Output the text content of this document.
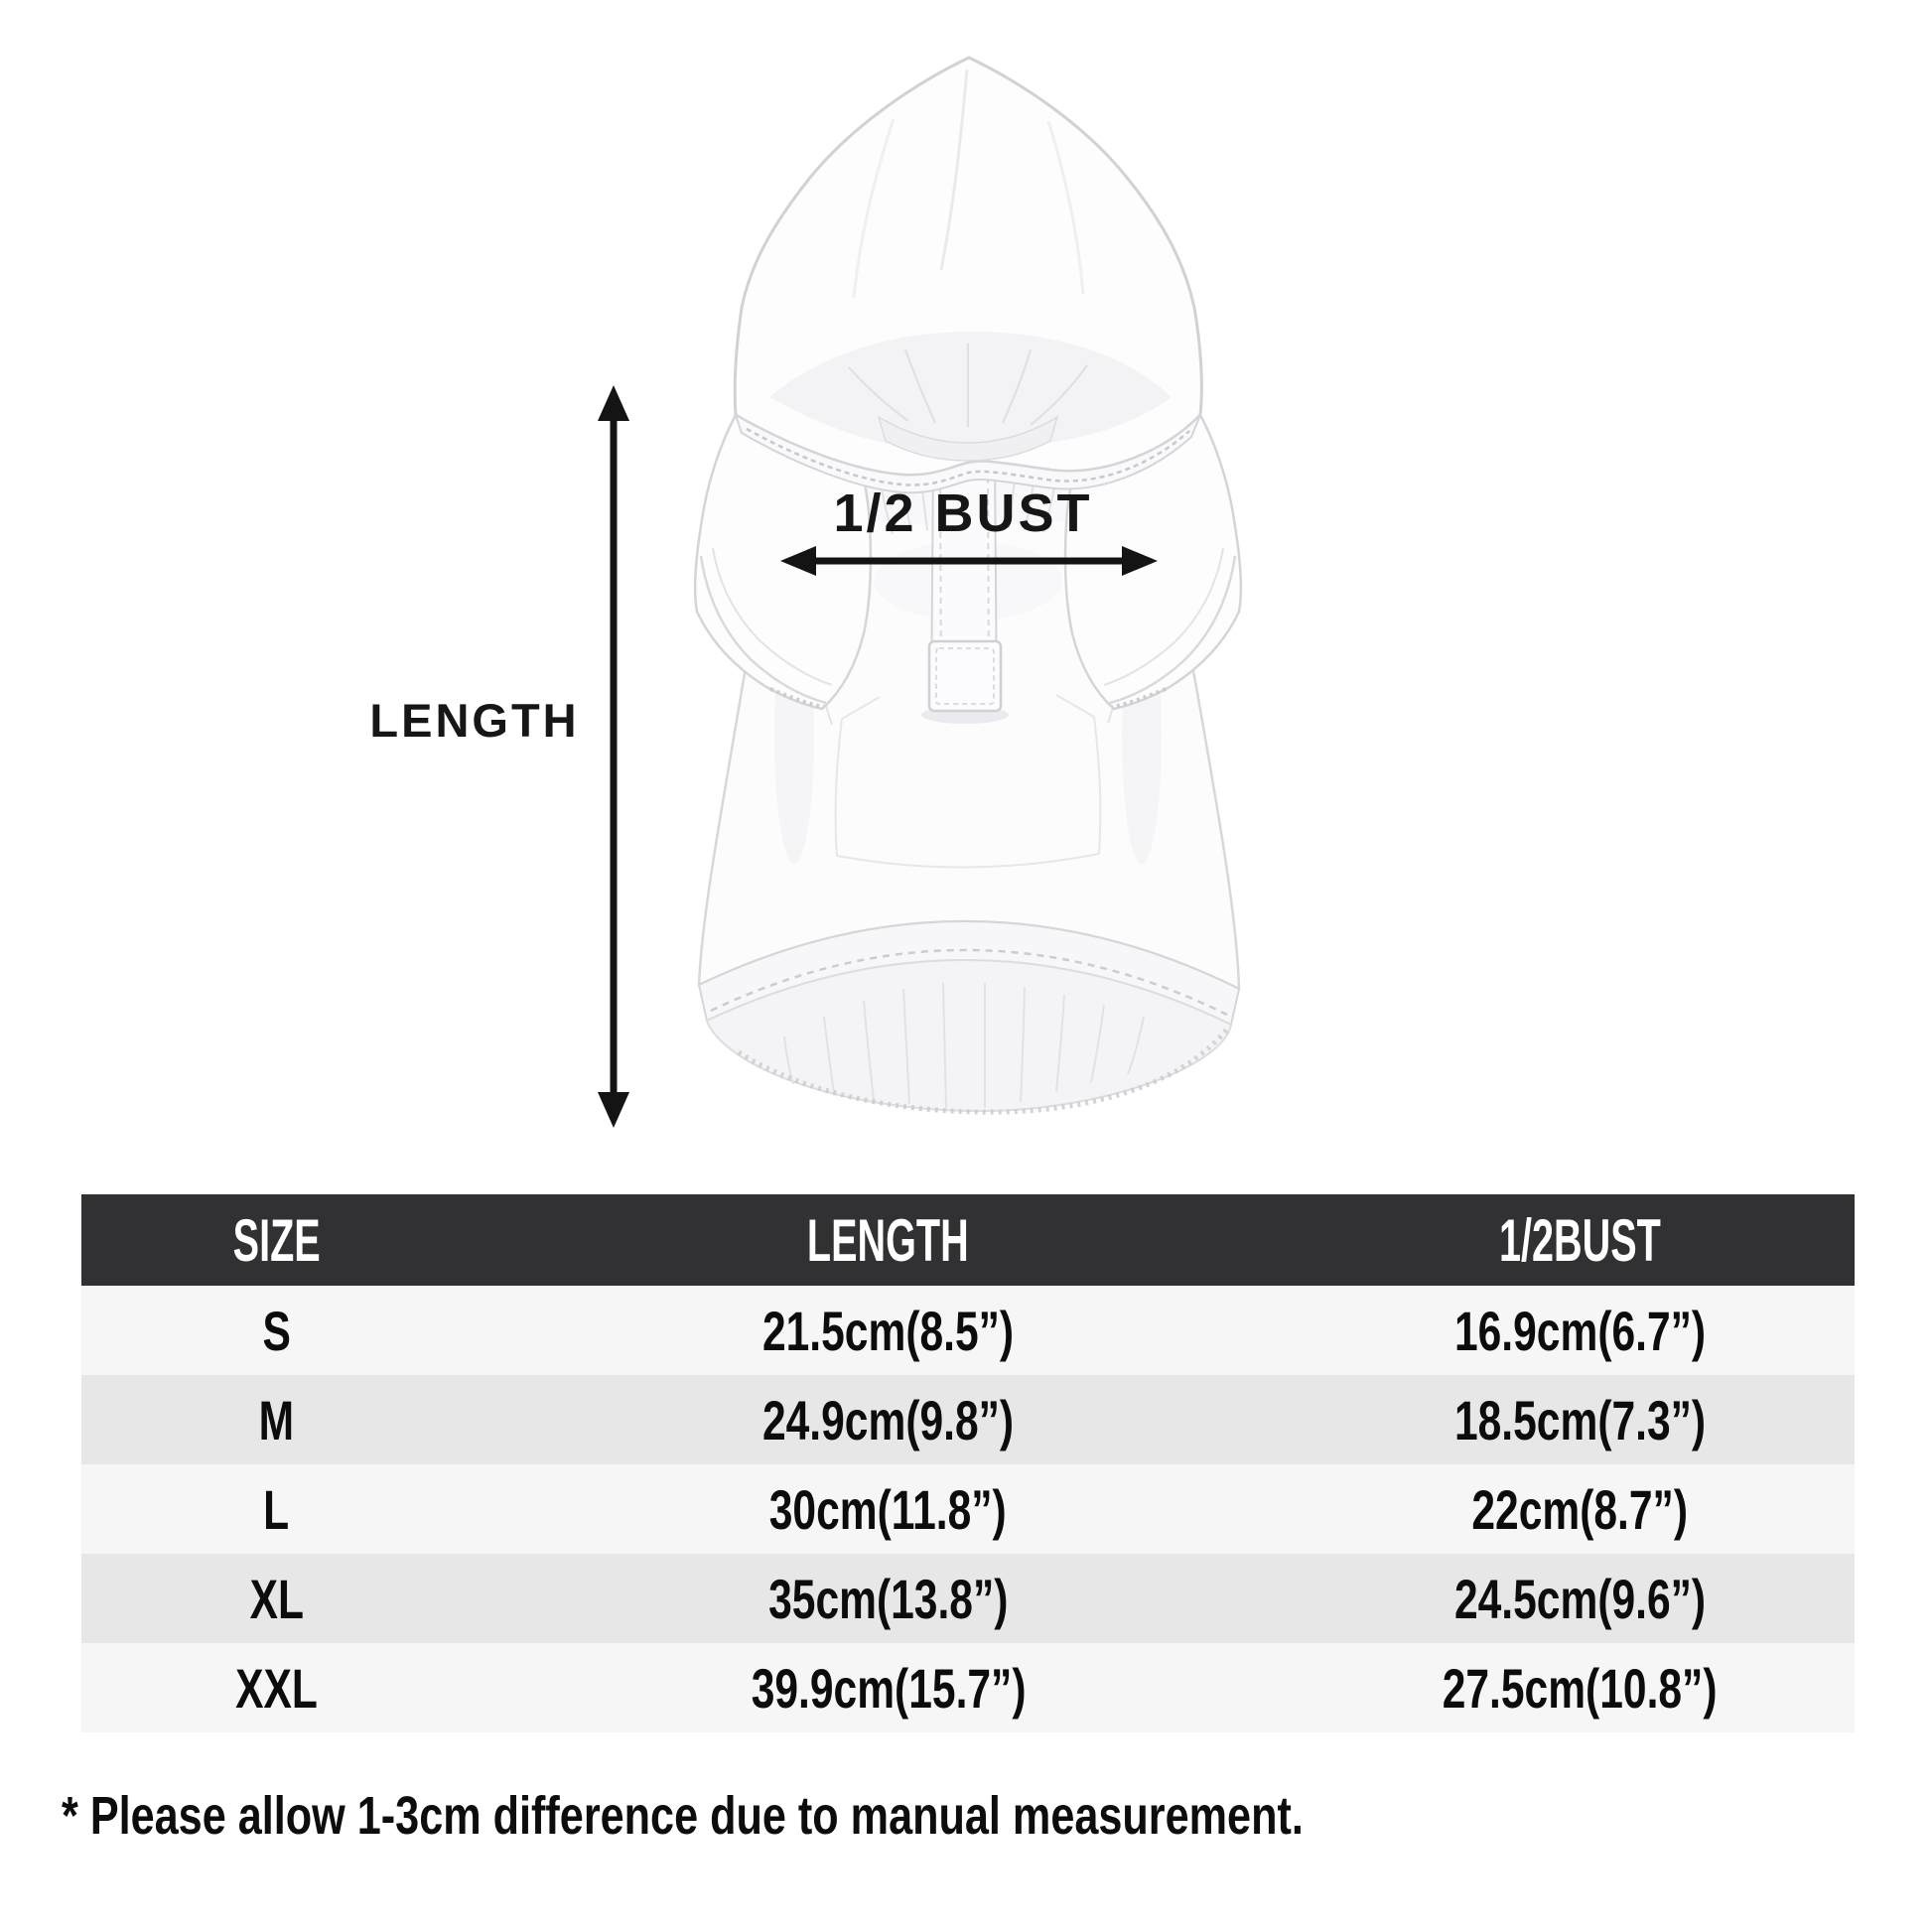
1/2 BUST
LENGTH
SIZE	LENGTH	1/2BUST
S	21.5cm(8.5”)	16.9cm(6.7”)
M	24.9cm(9.8”)	18.5cm(7.3”)
L	30cm(11.8”)	22cm(8.7”)
XL	35cm(13.8”)	24.5cm(9.6”)
XXL	39.9cm(15.7”)	27.5cm(10.8”)
* Please allow 1-3cm difference due to manual measurement.
